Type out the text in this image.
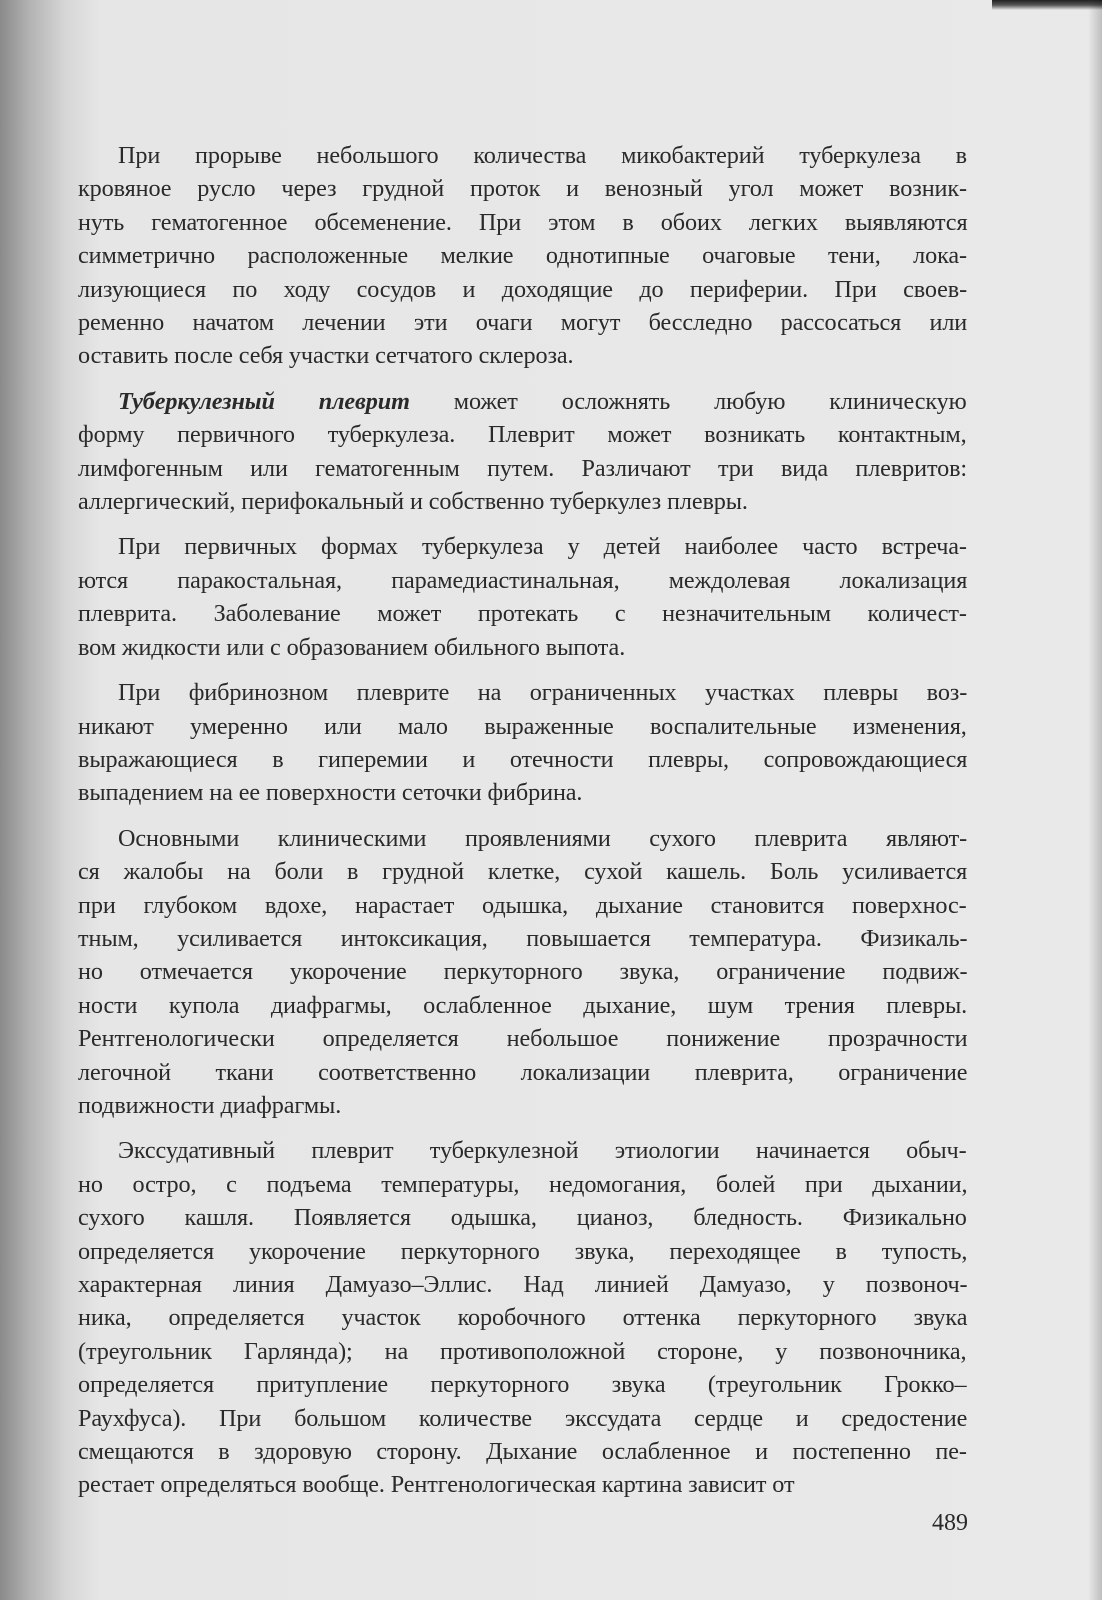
При прорыве небольшого количества микобактерий туберкулеза в
кровяное русло через грудной проток и венозный угол может возник-
нуть гематогенное обсеменение. При этом в обоих легких выявляются
симметрично расположенные мелкие однотипные очаговые тени, лока-
лизующиеся по ходу сосудов и доходящие до периферии. При своев-
ременно начатом лечении эти очаги могут бесследно рассосаться или
оставить после себя участки сетчатого склероза.
Туберкулезный плеврит может осложнять любую клиническую
форму первичного туберкулеза. Плеврит может возникать контактным,
лимфогенным или гематогенным путем. Различают три вида плевритов:
аллергический, перифокальный и собственно туберкулез плевры.
При первичных формах туберкулеза у детей наиболее часто встреча-
ются паракостальная, парамедиастинальная, междолевая локализация
плеврита. Заболевание может протекать с незначительным количест-
вом жидкости или с образованием обильного выпота.
При фибринозном плеврите на ограниченных участках плевры воз-
никают умеренно или мало выраженные воспалительные изменения,
выражающиеся в гиперемии и отечности плевры, сопровождающиеся
выпадением на ее поверхности сеточки фибрина.
Основными клиническими проявлениями сухого плеврита являют-
ся жалобы на боли в грудной клетке, сухой кашель. Боль усиливается
при глубоком вдохе, нарастает одышка, дыхание становится поверхнос-
тным, усиливается интоксикация, повышается температура. Физикаль-
но отмечается укорочение перкуторного звука, ограничение подвиж-
ности купола диафрагмы, ослабленное дыхание, шум трения плевры.
Рентгенологически определяется небольшое понижение прозрачности
легочной ткани соответственно локализации плеврита, ограничение
подвижности диафрагмы.
Экссудативный плеврит туберкулезной этиологии начинается обыч-
но остро, с подъема температуры, недомогания, болей при дыхании,
сухого кашля. Появляется одышка, цианоз, бледность. Физикально
определяется укорочение перкуторного звука, переходящее в тупость,
характерная линия Дамуазо–Эллис. Над линией Дамуазо, у позвоноч-
ника, определяется участок коробочного оттенка перкуторного звука
(треугольник Гарлянда); на противоположной стороне, у позвоночника,
определяется притупление перкуторного звука (треугольник Грокко–
Раухфуса). При большом количестве экссудата сердце и средостение
смещаются в здоровую сторону. Дыхание ослабленное и постепенно пе-
рестает определяться вообще. Рентгенологическая картина зависит от
489
